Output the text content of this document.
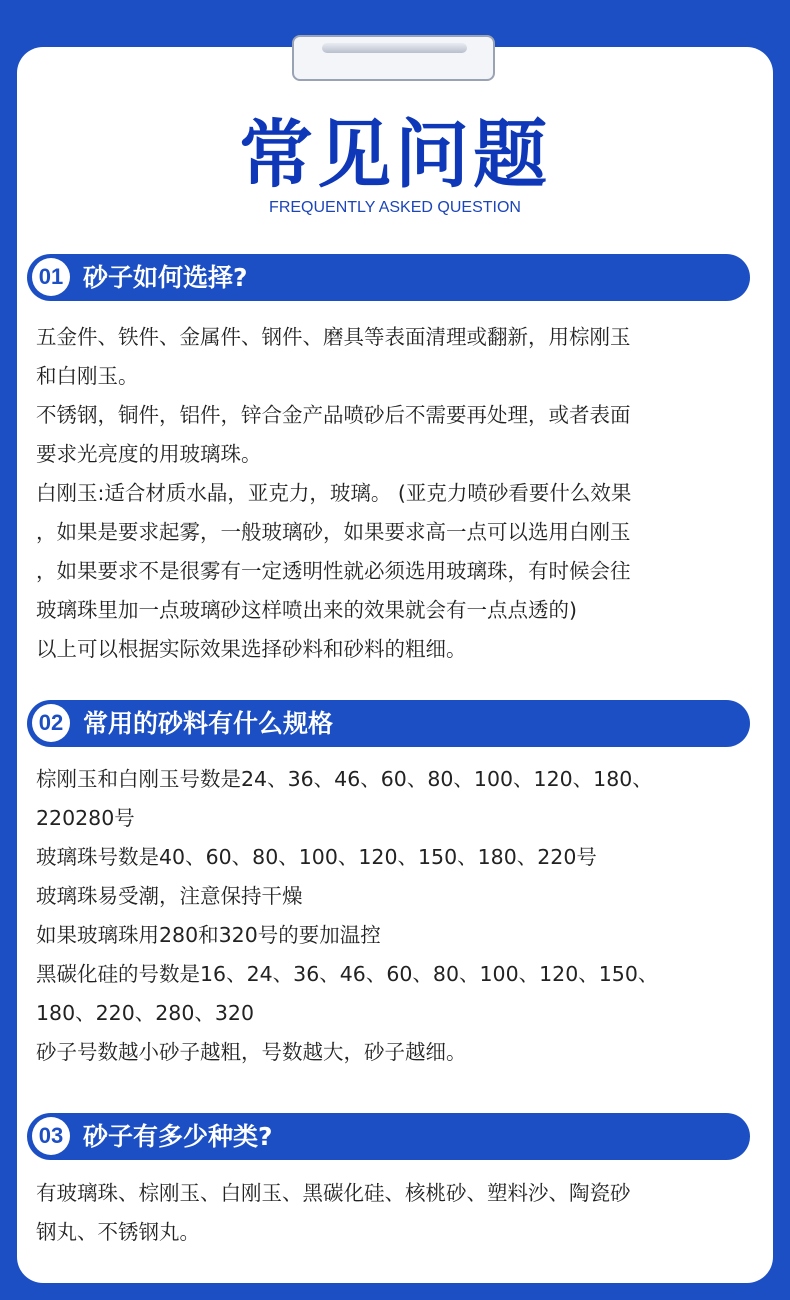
常见问题
FREQUENTLY ASKED QUESTION
01 砂子如何选择?
五金件、铁件、金属件、钢件、磨具等表面清理或翻新，用棕刚玉
和白刚玉。
不锈钢，铜件，铝件，锌合金产品喷砂后不需要再处理，或者表面
要求光亮度的用玻璃珠。
白刚玉:适合材质水晶，亚克力，玻璃。 (亚克力喷砂看要什么效果
，如果是要求起雾，一般玻璃砂，如果要求高一点可以选用白刚玉
，如果要求不是很雾有一定透明性就必须选用玻璃珠，有时候会往
玻璃珠里加一点玻璃砂这样喷出来的效果就会有一点点透的)
以上可以根据实际效果选择砂料和砂料的粗细。
02 常用的砂料有什么规格
棕刚玉和白刚玉号数是24、36、46、60、80、100、120、180、
220280号
玻璃珠号数是40、60、80、100、120、150、180、220号
玻璃珠易受潮，注意保持干燥
如果玻璃珠用280和320号的要加温控
黑碳化硅的号数是16、24、36、46、60、80、100、120、150、
180、220、280、320
砂子号数越小砂子越粗，号数越大，砂子越细。
03 砂子有多少种类?
有玻璃珠、棕刚玉、白刚玉、黑碳化硅、核桃砂、塑料沙、陶瓷砂
钢丸、不锈钢丸。
